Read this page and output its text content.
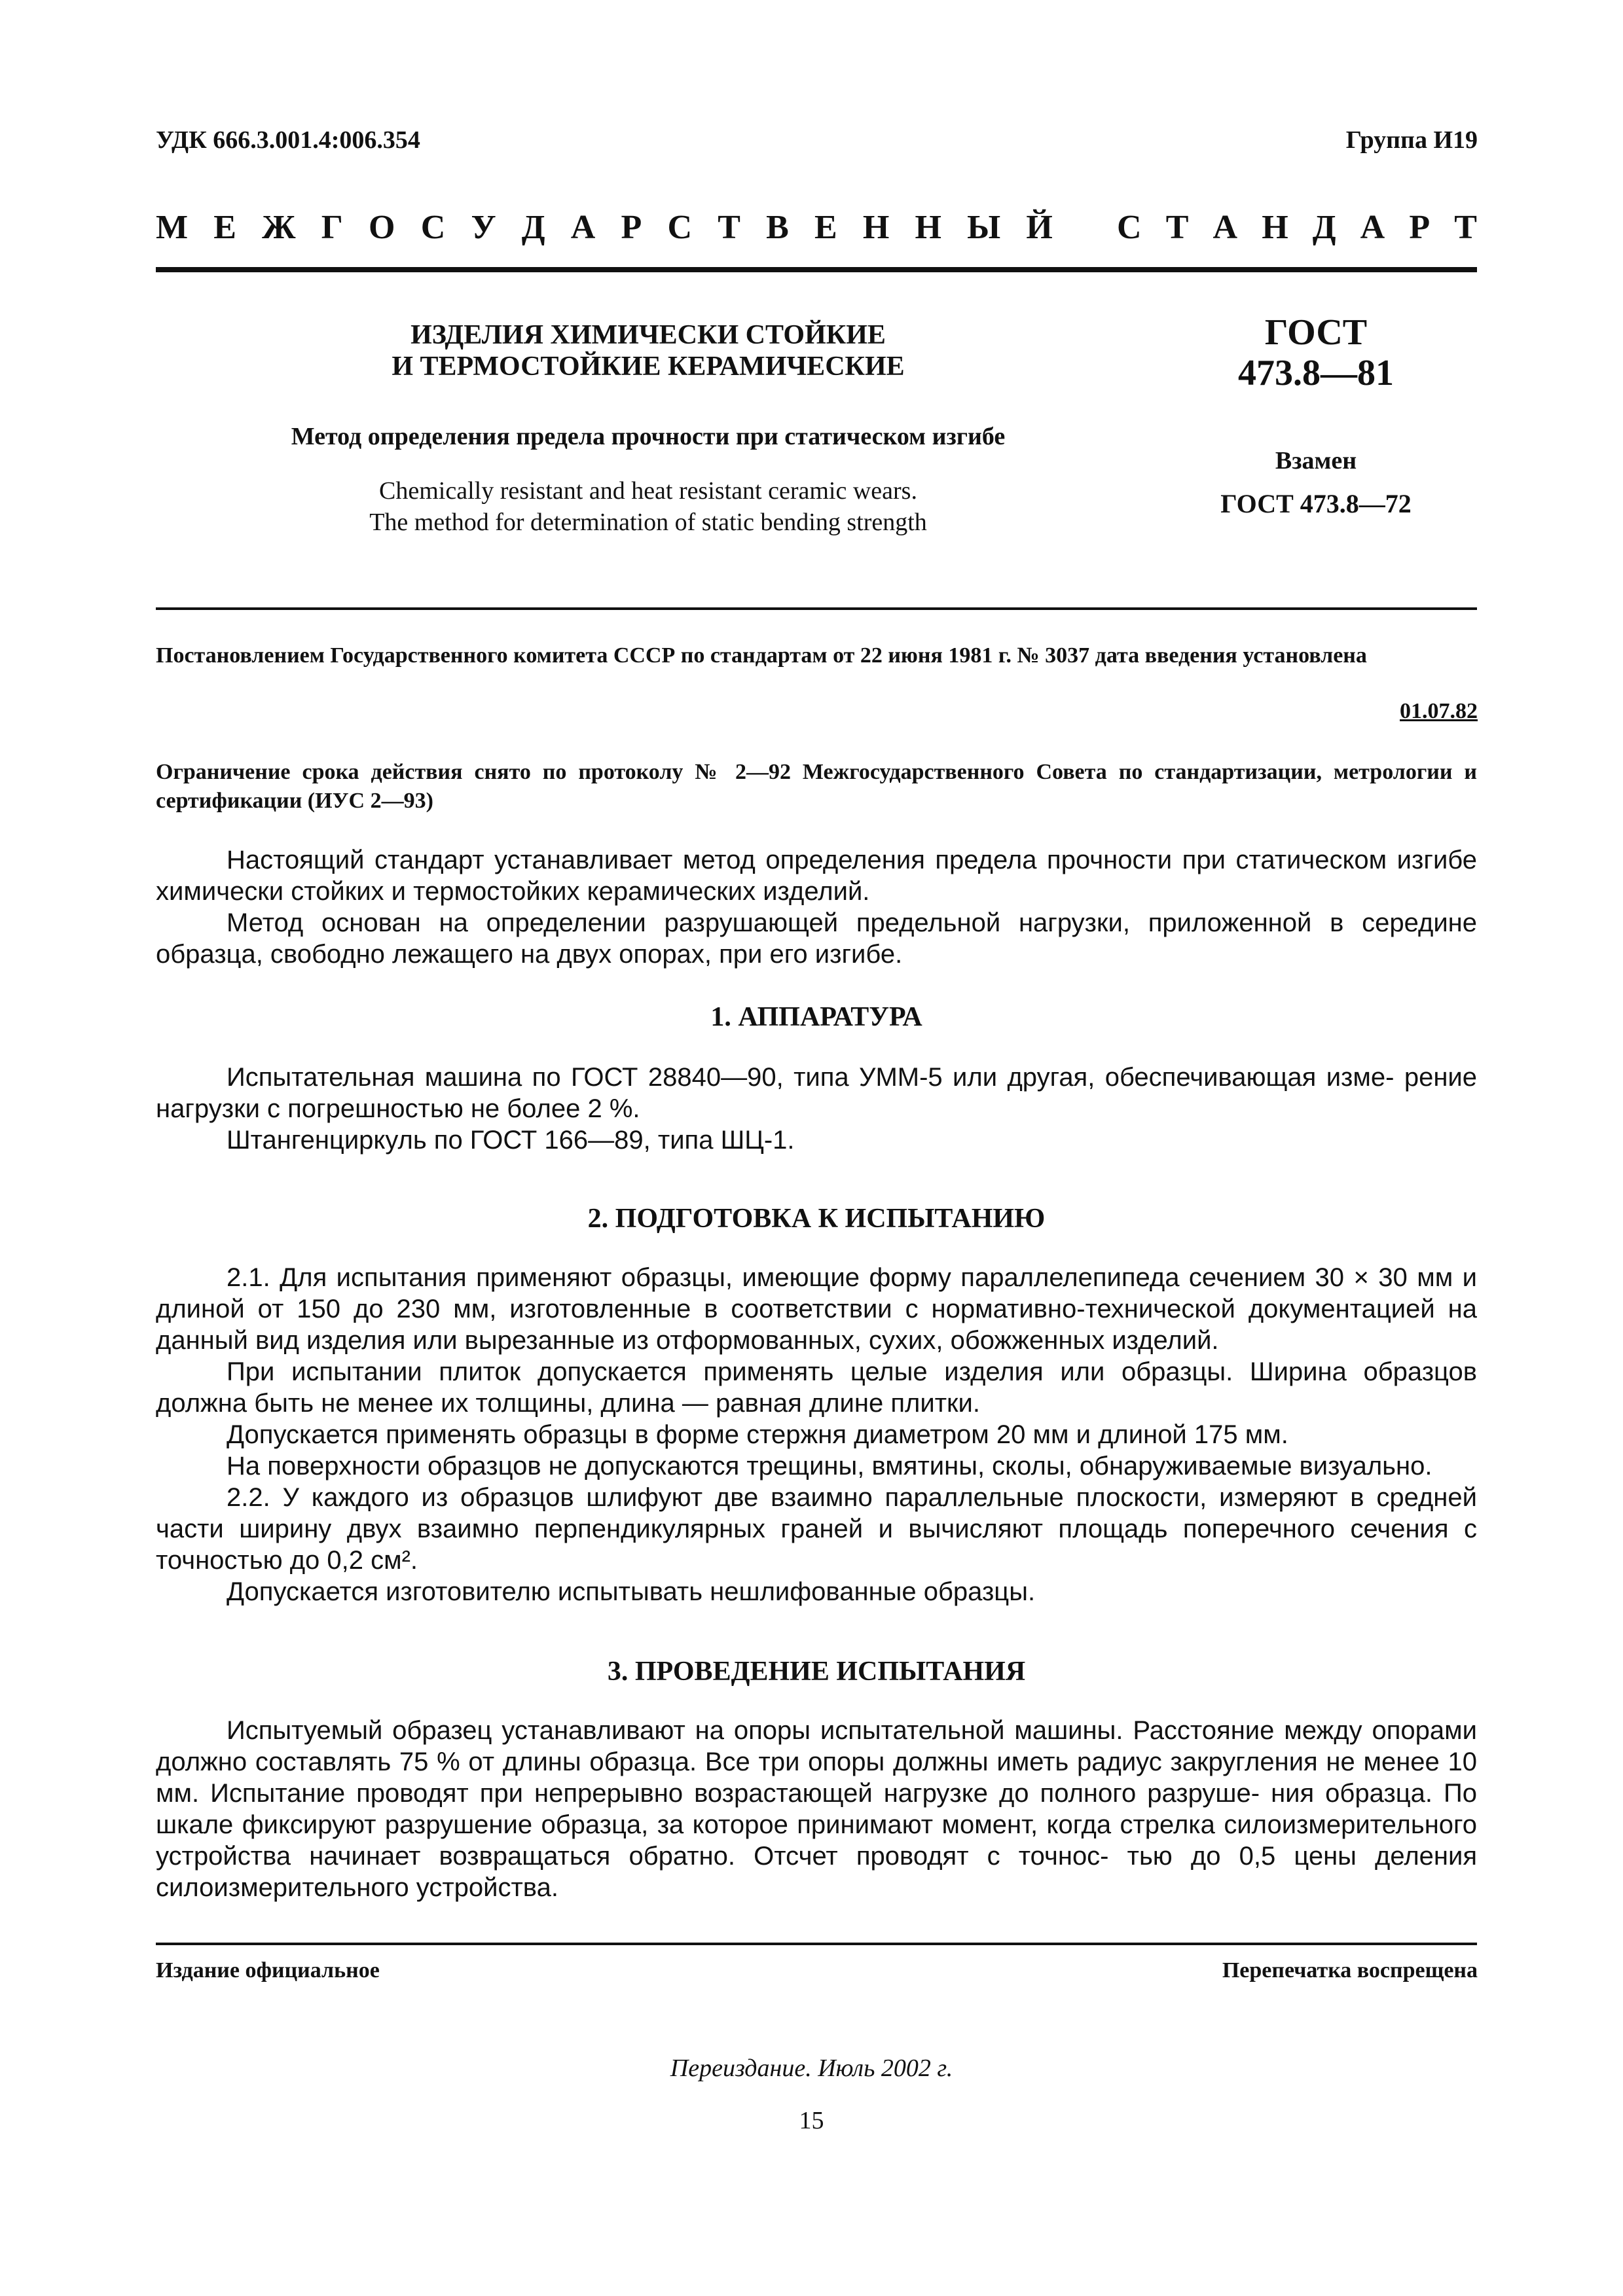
УДК 666.3.001.4:006.354	Группа И19
М Е Ж Г О С У Д А Р С Т В Е Н Н Ы Й С Т А Н Д А Р Т
ИЗДЕЛИЯ ХИМИЧЕСКИ СТОЙКИЕ
И ТЕРМОСТОЙКИЕ КЕРАМИЧЕСКИЕ
Метод определения предела прочности при статическом изгибе
Chemically resistant and heat resistant ceramic wears.
The method for determination of static bending strength
ГОСТ
473.8—81
Взамен
ГОСТ 473.8—72
Постановлением Государственного комитета СССР по стандартам от 22 июня 1981 г. № 3037 дата введения установлена
01.07.82
Ограничение срока действия снято по протоколу № 2—92 Межгосударственного Совета по стандартизации, метрологии и сертификации (ИУС 2—93)

Настоящий стандарт устанавливает метод определения предела прочности при статическом изгибе химически стойких и термостойких керамических изделий.

Метод основан на определении разрушающей предельной нагрузки, приложенной в середине образца, свободно лежащего на двух опорах, при его изгибе.

1. АППАРАТУРА

Испытательная машина по ГОСТ 28840—90, типа УММ-5 или другая, обеспечивающая изме- рение нагрузки с погрешностью не более 2 %.

Штангенциркуль по ГОСТ 166—89, типа ШЦ-1.

2. ПОДГОТОВКА К ИСПЫТАНИЮ

2.1. Для испытания применяют образцы, имеющие форму параллелепипеда сечением 30 × 30 мм и длиной от 150 до 230 мм, изготовленные в соответствии с нормативно-технической документацией на данный вид изделия или вырезанные из отформованных, сухих, обожженных изделий.

При испытании плиток допускается применять целые изделия или образцы. Ширина образцов должна быть не менее их толщины, длина — равная длине плитки.

Допускается применять образцы в форме стержня диаметром 20 мм и длиной 175 мм.

На поверхности образцов не допускаются трещины, вмятины, сколы, обнаруживаемые визуально.

2.2. У каждого из образцов шлифуют две взаимно параллельные плоскости, измеряют в средней части ширину двух взаимно перпендикулярных граней и вычисляют площадь поперечного сечения с точностью до 0,2 см².

Допускается изготовителю испытывать нешлифованные образцы.

3. ПРОВЕДЕНИЕ ИСПЫТАНИЯ

Испытуемый образец устанавливают на опоры испытательной машины. Расстояние между опорами должно составлять 75 % от длины образца. Все три опоры должны иметь радиус закругления не менее 10 мм. Испытание проводят при непрерывно возрастающей нагрузке до полного разруше- ния образца. По шкале фиксируют разрушение образца, за которое принимают момент, когда стрелка силоизмерительного устройства начинает возвращаться обратно. Отсчет проводят с точнос- тью до 0,5 цены деления силоизмерительного устройства.

Издание официальное	Перепечатка воспрещена
Переиздание. Июль 2002 г.
15
